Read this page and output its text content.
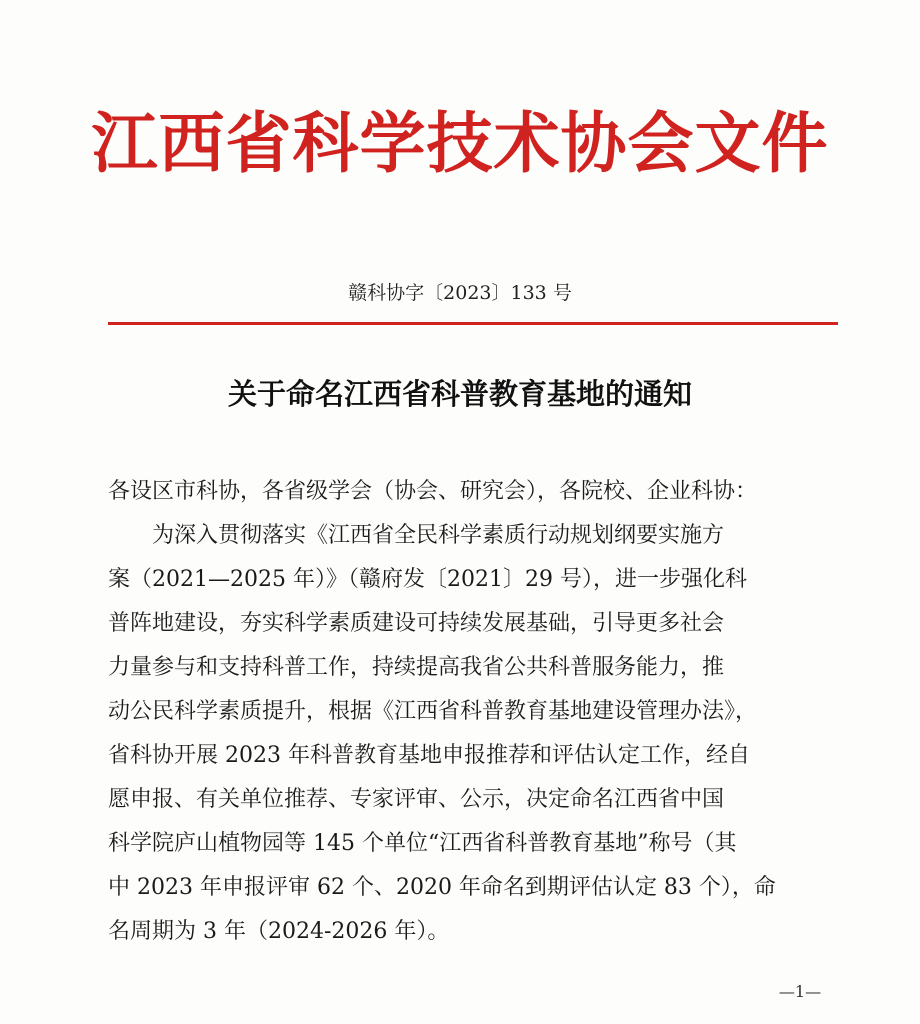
江西省科学技术协会文件
赣科协字〔2023〕133 号
关于命名江西省科普教育基地的通知
各设区市科协，各省级学会（协会、研究会），各院校、企业科协：
为深入贯彻落实《江西省全民科学素质行动规划纲要实施方
案（2021—2025 年）》（赣府发〔2021〕29 号），进一步强化科
普阵地建设，夯实科学素质建设可持续发展基础，引导更多社会
力量参与和支持科普工作，持续提高我省公共科普服务能力，推
动公民科学素质提升，根据《江西省科普教育基地建设管理办法》，
省科协开展 2023 年科普教育基地申报推荐和评估认定工作，经自
愿申报、有关单位推荐、专家评审、公示，决定命名江西省中国
科学院庐山植物园等 145 个单位“江西省科普教育基地”称号（其
中 2023 年申报评审 62 个、2020 年命名到期评估认定 83 个），命
名周期为 3 年（2024-2026 年）。
—1—
